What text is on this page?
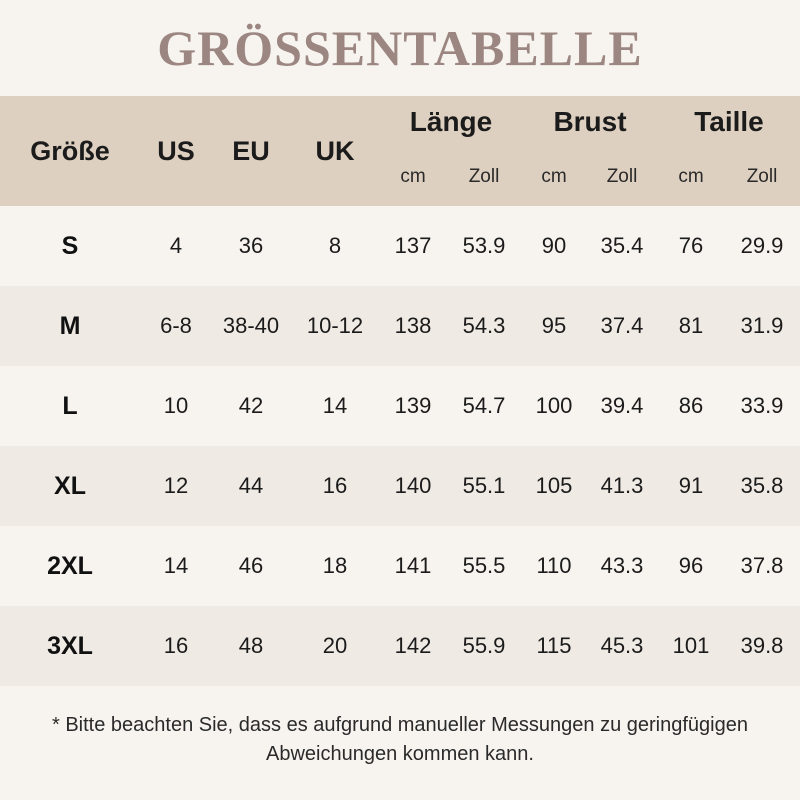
GRÖSSENTABELLE
Größe	US	EU	UK	Länge		Brust		Taille	
				cm	Zoll	cm	Zoll	cm	Zoll
S	4	36	8	137	53.9	90	35.4	76	29.9
M	6-8	38-40	10-12	138	54.3	95	37.4	81	31.9
L	10	42	14	139	54.7	100	39.4	86	33.9
XL	12	44	16	140	55.1	105	41.3	91	35.8
2XL	14	46	18	141	55.5	110	43.3	96	37.8
3XL	16	48	20	142	55.9	115	45.3	101	39.8
* Bitte beachten Sie, dass es aufgrund manueller Messungen zu geringfügigen Abweichungen kommen kann.
